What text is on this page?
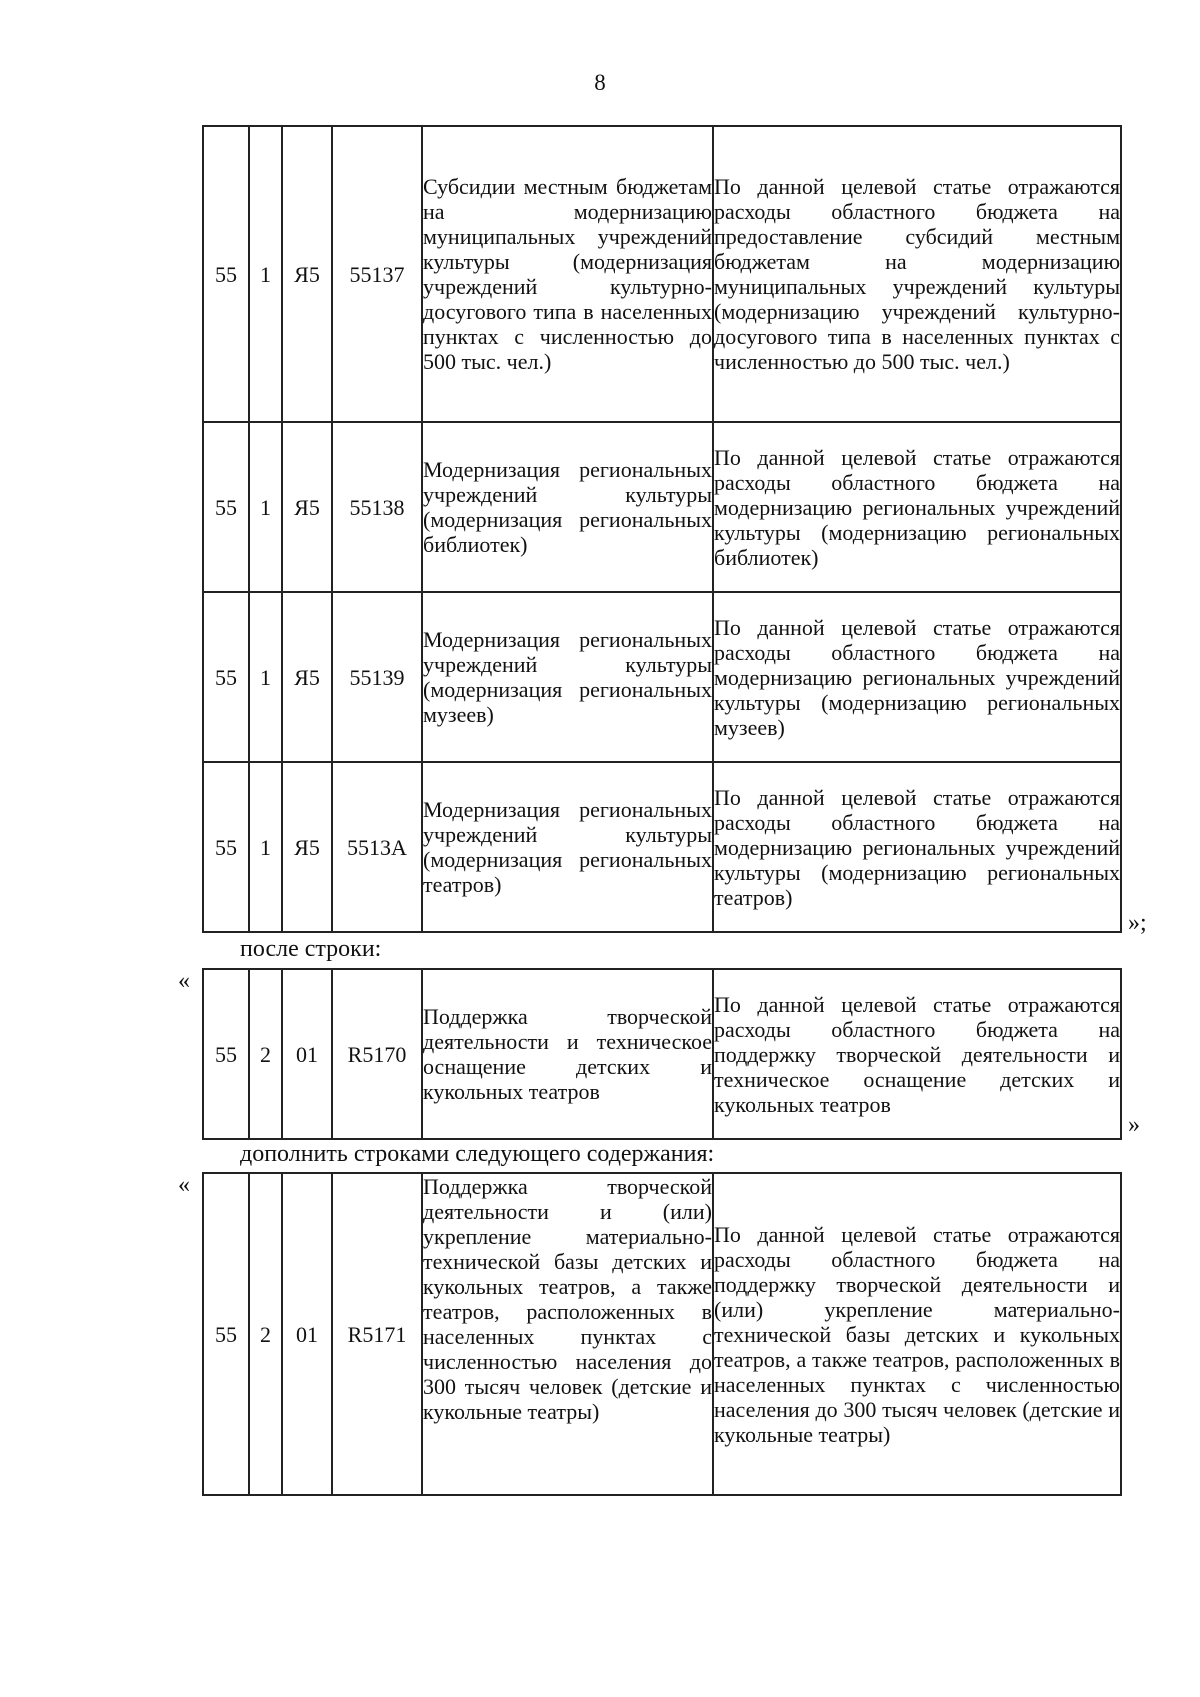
8
55	1	Я5	55137	Субсидии местным бюджетам на модернизацию муниципальных учреждений культуры (модернизация учреждений культурно-досугового типа в населенных пунктах с численностью до 500 тыс. чел.)	По данной целевой статье отражаются расходы областного бюджета на предоставление субсидий местным бюджетам на модернизацию муниципальных учреждений культуры (модернизацию учреждений культурно-досугового типа в населенных пунктах с численностью до 500 тыс. чел.)
55	1	Я5	55138	Модернизация региональных учреждений культуры (модернизация региональных библиотек)	По данной целевой статье отражаются расходы областного бюджета на модернизацию региональных учреждений культуры (модернизацию региональных библиотек)
55	1	Я5	55139	Модернизация региональных учреждений культуры (модернизация региональных музеев)	По данной целевой статье отражаются расходы областного бюджета на модернизацию региональных учреждений культуры (модернизацию региональных музеев)
55	1	Я5	5513А	Модернизация региональных учреждений культуры (модернизация региональных театров)	По данной целевой статье отражаются расходы областного бюджета на модернизацию региональных учреждений культуры (модернизацию региональных театров)
»;
после строки:
«
55	2	01	R5170	Поддержка творческой деятельности и техническое оснащение детских и кукольных театров	По данной целевой статье отражаются расходы областного бюджета на поддержку творческой деятельности и техническое оснащение детских и кукольных театров
»
дополнить строками следующего содержания:
«
55	2	01	R5171	Поддержка творческой деятельности и (или) укрепление материально-технической базы детских и кукольных театров, а также театров, расположенных в населенных пунктах с численностью населения до 300 тысяч человек (детские и кукольные театры)	По данной целевой статье отражаются расходы областного бюджета на поддержку творческой деятельности и (или) укрепление материально-технической базы детских и кукольных театров, а также театров, расположенных в населенных пунктах с численностью населения до 300 тысяч человек (детские и кукольные театры)
